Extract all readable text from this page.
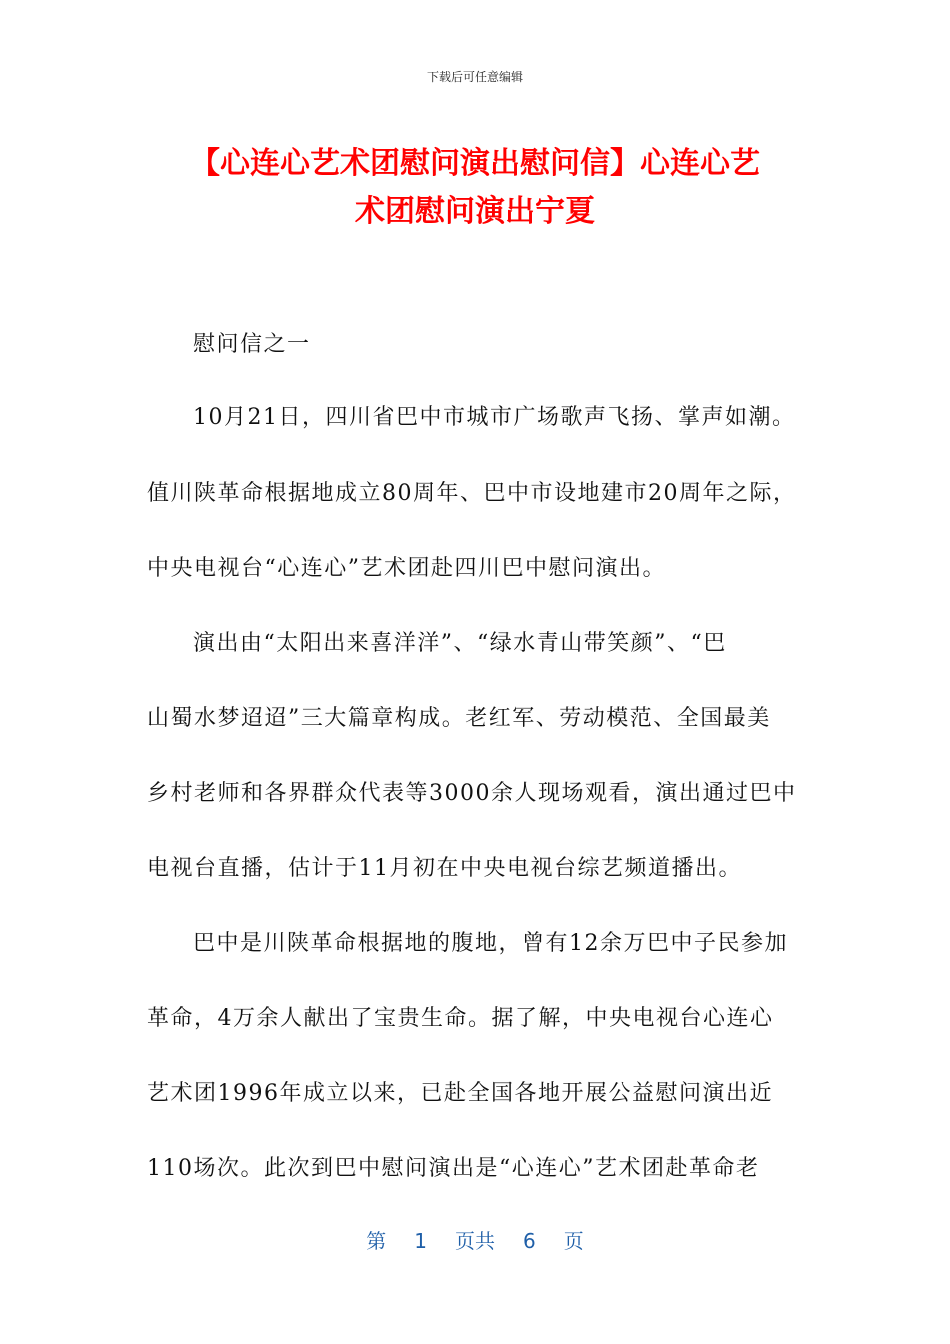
下载后可任意编辑
【心连心艺术团慰问演出慰问信】心连心艺
术团慰问演出宁夏
慰问信之一
10月21日，四川省巴中市城市广场歌声飞扬、掌声如潮。
值川陕革命根据地成立80周年、巴中市设地建市20周年之际，
中央电视台“心连心”艺术团赴四川巴中慰问演出。
演出由“太阳出来喜洋洋”、“绿水青山带笑颜”、“巴
山蜀水梦迢迢”三大篇章构成。老红军、劳动模范、全国最美
乡村老师和各界群众代表等3000余人现场观看，演出通过巴中
电视台直播，估计于11月初在中央电视台综艺频道播出。
巴中是川陕革命根据地的腹地，曾有12余万巴中子民参加
革命，4万余人献出了宝贵生命。据了解，中央电视台心连心
艺术团1996年成立以来，已赴全国各地开展公益慰问演出近
110场次。此次到巴中慰问演出是“心连心”艺术团赴革命老
第 1 页共 6 页
